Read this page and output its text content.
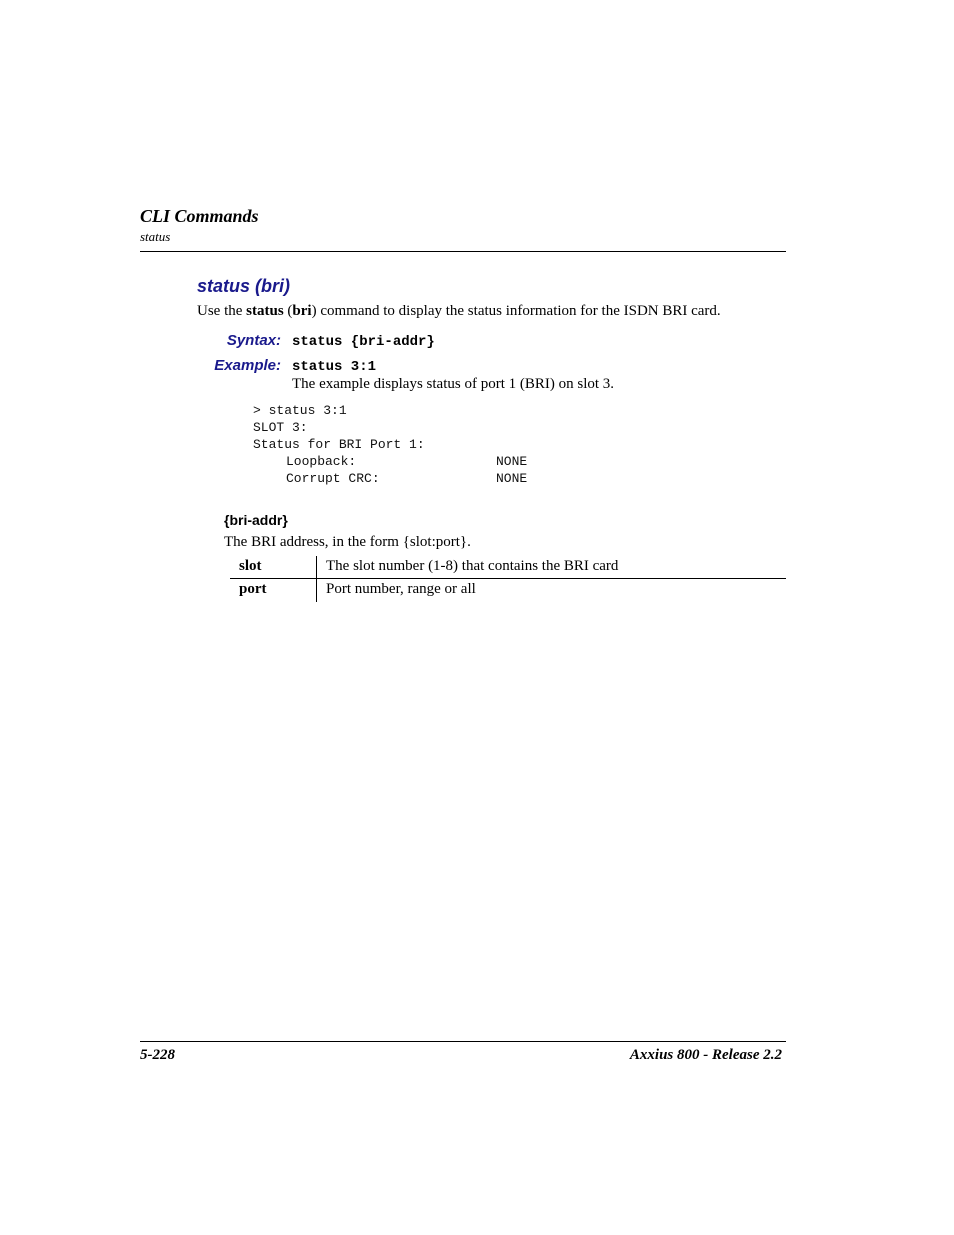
CLI Commands
status
status (bri)
Use the status (bri) command to display the status information for the ISDN BRI card.
Syntax: status {bri-addr}
Example: status 3:1
The example displays status of port 1 (BRI) on slot 3.
> status 3:1
SLOT 3:
Status for BRI Port 1:
Loopback:	NONE
Corrupt CRC:	NONE
{bri-addr}
The BRI address, in the form {slot:port}.
slot	The slot number (1-8) that contains the BRI card
port	Port number, range or all
5-228	Axxius 800 - Release 2.2
